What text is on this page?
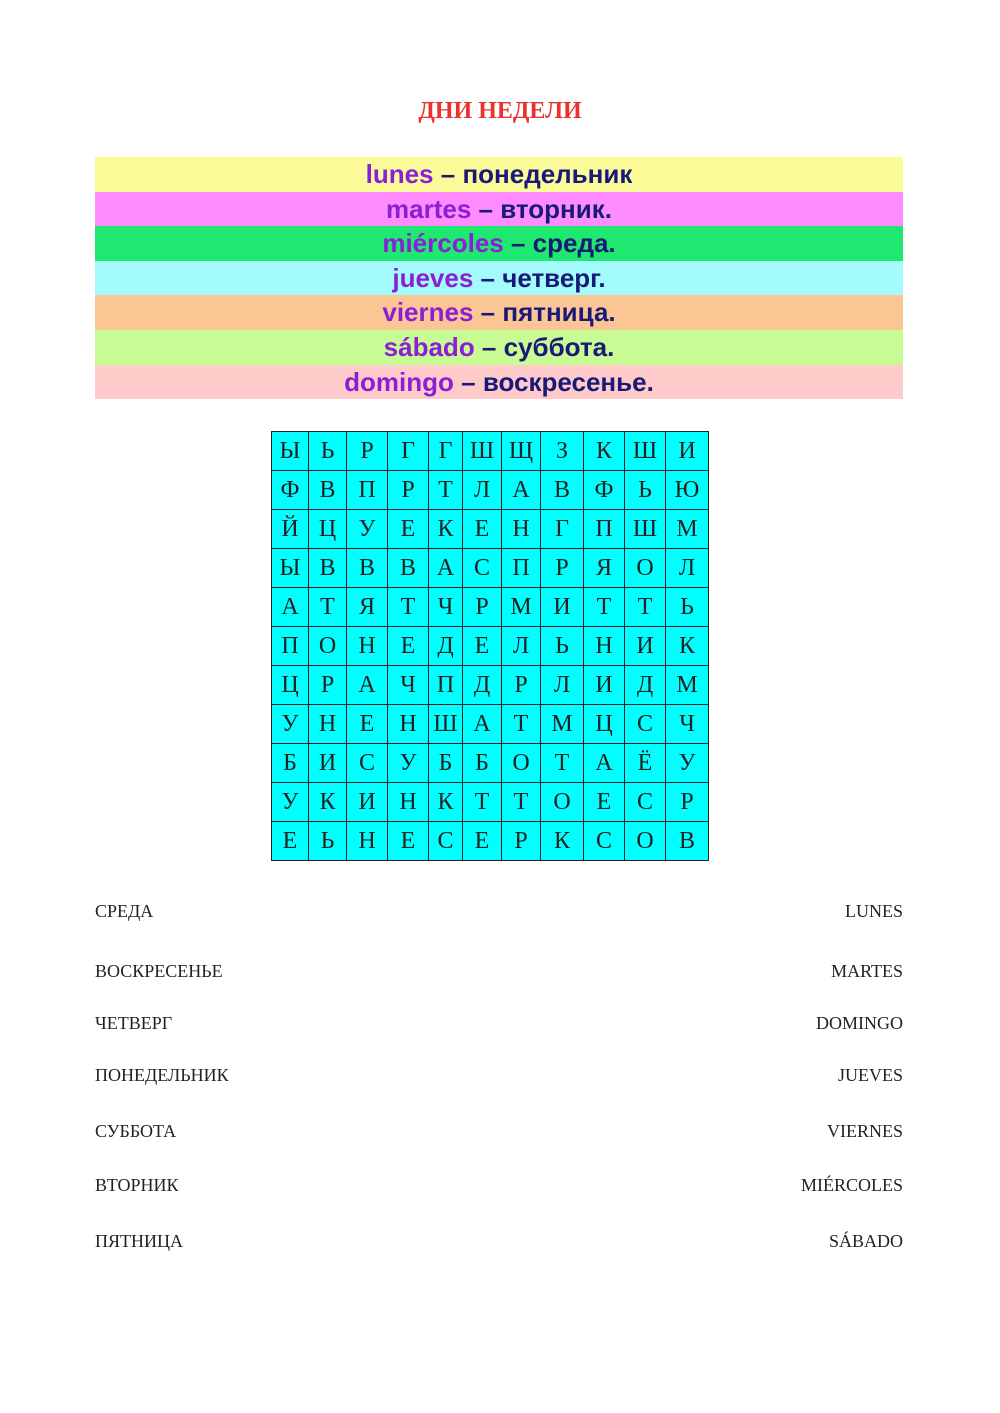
ДНИ НЕДЕЛИ
lunes – понедельник
martes – вторник.
miércoles – среда.
jueves – четверг.
viernes – пятница.
sábado – суббота.
domingo – воскресенье.
Ы	Ь	Р	Г	Г	Ш	Щ	З	К	Ш	И
Ф	В	П	Р	Т	Л	А	В	Ф	Ь	Ю
Й	Ц	У	Е	К	Е	Н	Г	П	Ш	М
Ы	В	В	В	А	С	П	Р	Я	О	Л
А	Т	Я	Т	Ч	Р	М	И	Т	Т	Ь
П	О	Н	Е	Д	Е	Л	Ь	Н	И	К
Ц	Р	А	Ч	П	Д	Р	Л	И	Д	М
У	Н	Е	Н	Ш	А	Т	М	Ц	С	Ч
Б	И	С	У	Б	Б	О	Т	А	Ё	У
У	К	И	Н	К	Т	Т	О	Е	С	Р
Е	Ь	Н	Е	С	Е	Р	К	С	О	В
СРЕДА
ВОСКРЕСЕНЬЕ
ЧЕТВЕРГ
ПОНЕДЕЛЬНИК
СУББОТА
ВТОРНИК
ПЯТНИЦА
LUNES
MARTES
DOMINGO
JUEVES
VIERNES
MIÉRCOLES
SÁBADO
